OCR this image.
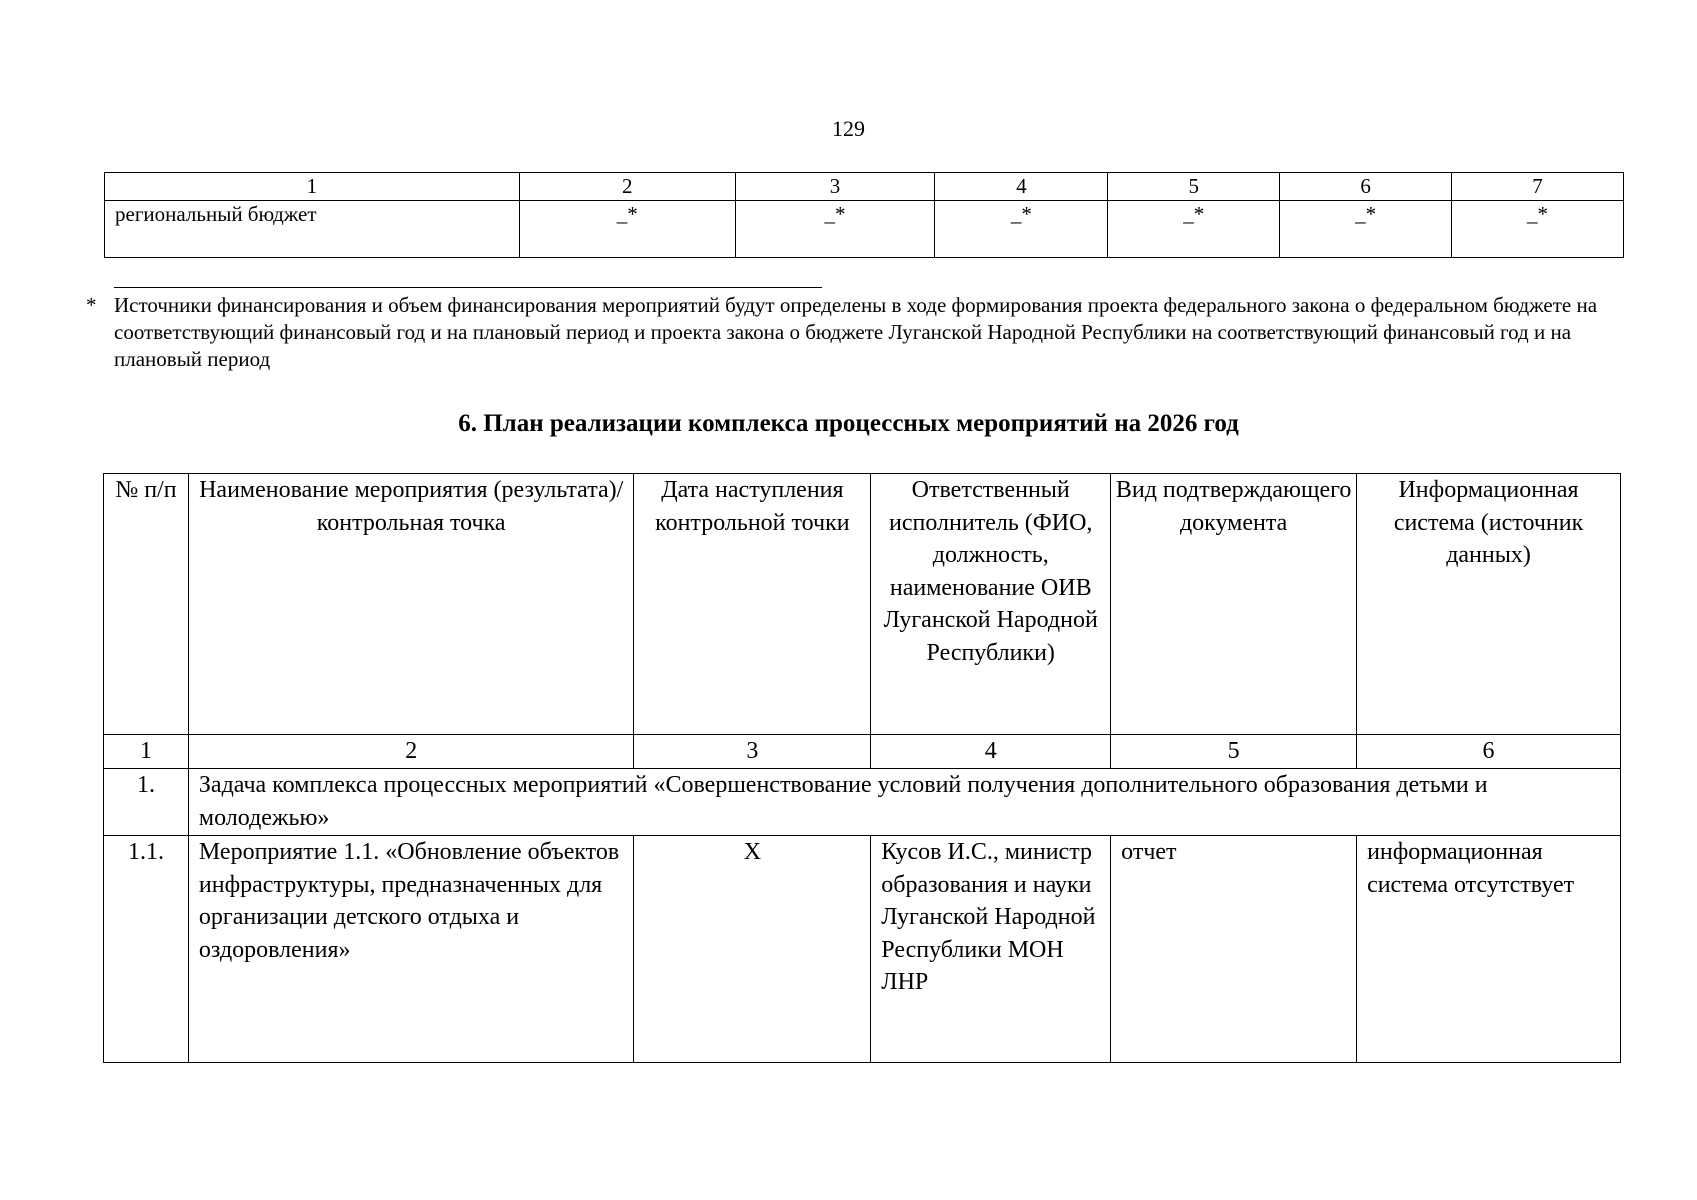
129
1	2	3	4	5	6	7
региональный бюджет	_*	_*	_*	_*	_*	_*
* Источники финансирования и объем финансирования мероприятий будут определены в ходе формирования проекта федерального закона о федеральном бюджете на соответствующий финансовый год и на плановый период и проекта закона о бюджете Луганской Народной Республики на соответствующий финансовый год и на плановый период
6. План реализации комплекса процессных мероприятий на 2026 год
№ п/п	Наименование мероприятия (результата)/ контрольная точка	Дата наступления контрольной точки	Ответственный исполнитель (ФИО, должность, наименование ОИВ Луганской Народной Республики)	Вид подтверждающего документа	Информационная система (источник данных)
1	2	3	4	5	6
1.	Задача комплекса процессных мероприятий «Совершенствование условий получения дополнительного образования детьми и молодежью»				
1.1.	Мероприятие 1.1. «Обновление объектов инфраструктуры, предназначенных для организации детского отдыха и оздоровления»	X	Кусов И.С., министр образования и науки Луганской Народной Республики МОН ЛНР	отчет	информационная система отсутствует
